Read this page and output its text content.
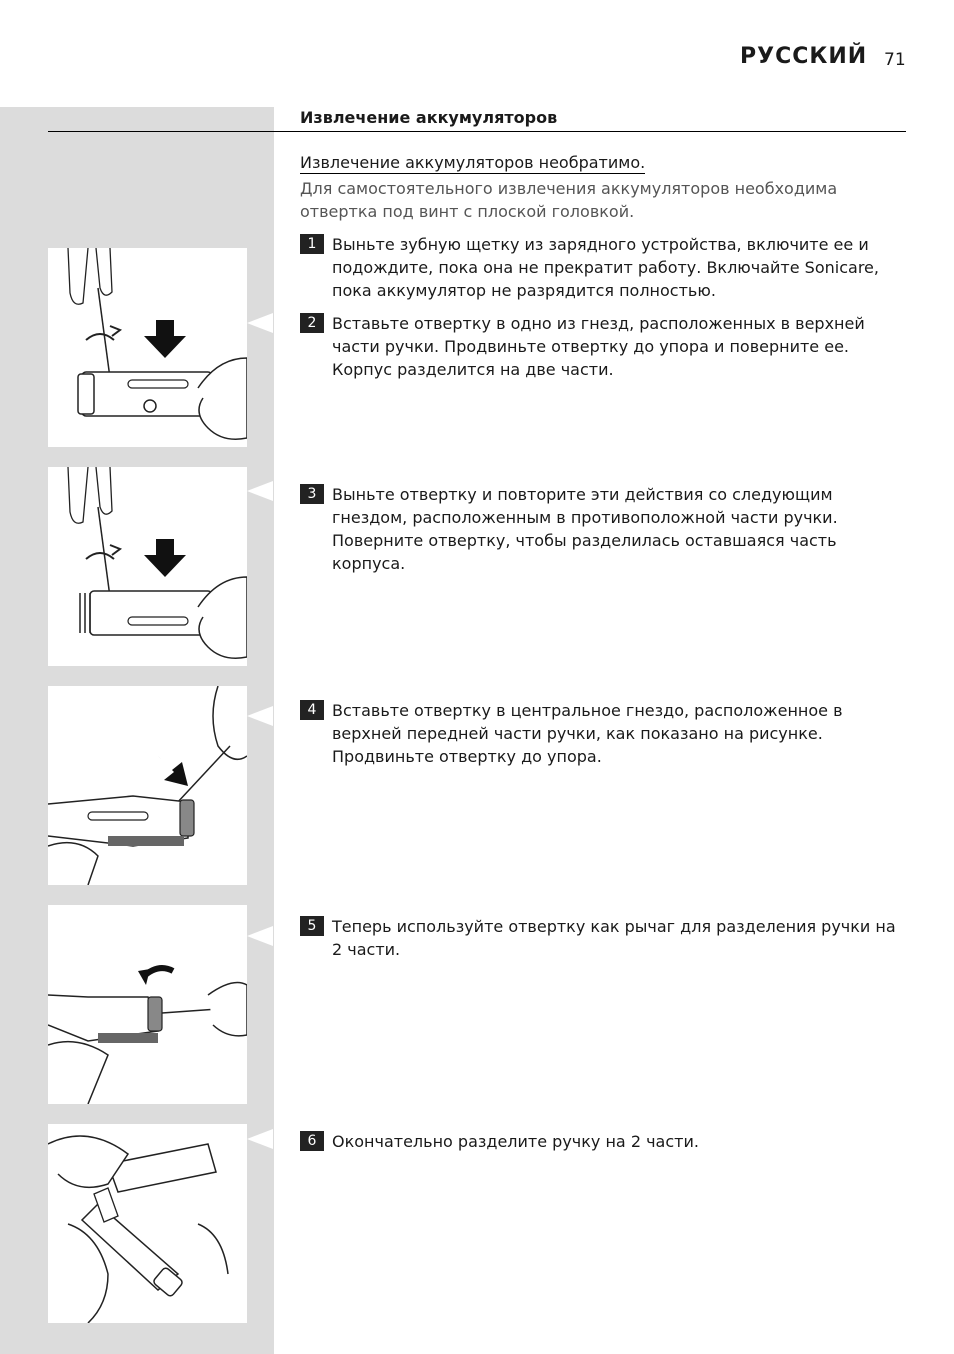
РУССКИЙ 71
Извлечение аккумуляторов
Извлечение аккумуляторов необратимо.
Для самостоятельного извлечения аккумуляторов необходима отвертка под винт с плоской головкой.
1 Выньте зубную щетку из зарядного устройства, включите ее и подождите, пока она не прекратит работу. Включайте Sonicare, пока аккумулятор не разрядится полностью.
2 Вставьте отвертку в одно из гнезд, расположенных в верхней части ручки. Продвиньте отвертку до упора и поверните ее. Корпус разделится на две части.
3 Выньте отвертку и повторите эти действия со следующим гнездом, расположенным в противоположной части ручки. Поверните отвертку, чтобы разделилась оставшаяся часть корпуса.
4 Вставьте отвертку в центральное гнездо, расположенное в верхней передней части ручки, как показано на рисунке. Продвиньте отвертку до упора.
5 Теперь используйте отвертку как рычаг для разделения ручки на 2 части.
6 Окончательно разделите ручку на 2 части.
